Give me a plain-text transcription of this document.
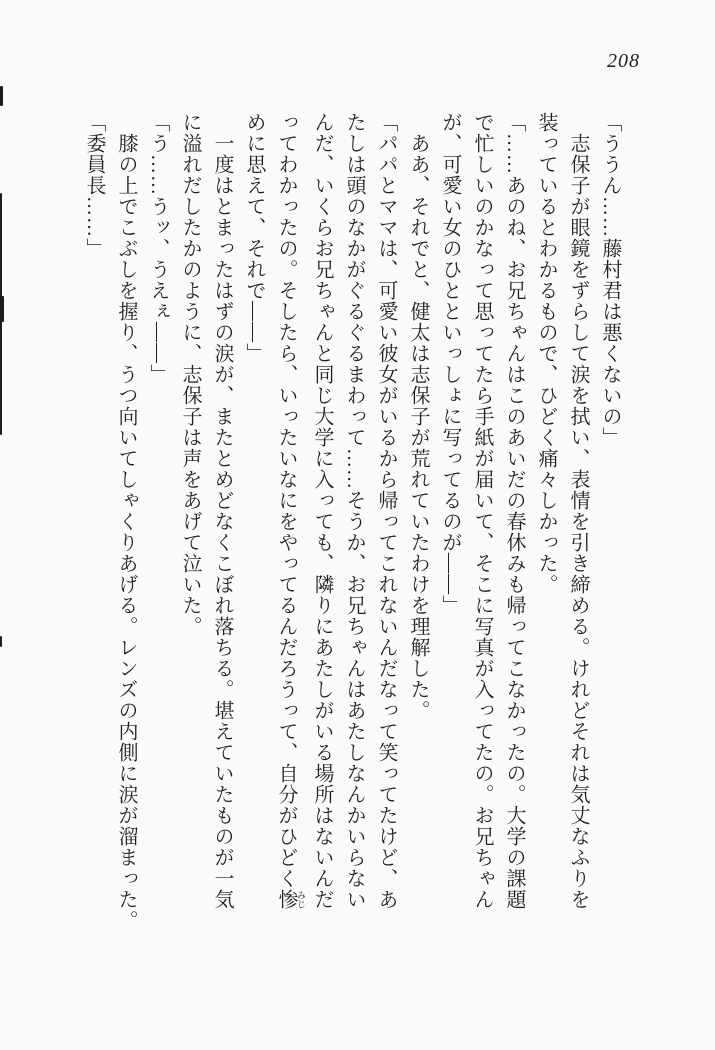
208
「ううん……藤村君は悪くないの」
　志保子が眼鏡をずらして涙を拭い、表情を引き締める。けれどそれは気丈なふりを
装っているとわかるもので、ひどく痛々しかった。
「……あのね、お兄ちゃんはこのあいだの春休みも帰ってこなかったの。大学の課題
で忙しいのかなって思ってたら手紙が届いて、そこに写真が入ってたの。お兄ちゃん
が、可愛い女のひとといっしょに写ってるのが――」
　ああ、それでと、健太は志保子が荒れていたわけを理解した。
「パパとママは、可愛い彼女がいるから帰ってこれないんだなって笑ってたけど、あ
たしは頭のなかがぐるぐるまわって……そうか、お兄ちゃんはあたしなんかいらない
んだ、いくらお兄ちゃんと同じ大学に入っても、隣りにあたしがいる場所はないんだ
ってわかったの。そしたら、いったいなにをやってるんだろうって、自分がひどく惨 みじ
めに思えて、それで――」
　一度はとまったはずの涙が、またとめどなくこぼれ落ちる。堪えていたものが一気
に溢れだしたかのように、志保子は声をあげて泣いた。
「う……うッ、うえぇ――」
　膝の上でこぶしを握り、うつ向いてしゃくりあげる。レンズの内側に涙が溜まった。
「委員長……」
